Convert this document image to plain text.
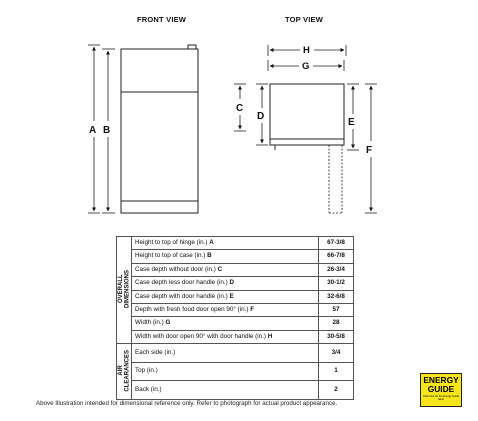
FRONT VIEW	TOP VIEW
A B
H
G
C
D
E
F
OVERALL
DIMENSIONS	Height to top of hinge (in.) A	67-3/8
	Height to top of case (in.) B	66-7/8
	Case depth without door (in.) C	26-3/4
	Case depth less door handle (in.) D	30-1/2
	Case depth with door handle (in.) E	32-6/8
	Depth with fresh food door open 90° (in.) F	57
	Width (in.) G	28
	Width with door open 90° with door handle (in.) H	30-5/8
AIR
CLEARANCES	Each side (in.)	3/4
	Top (in.)	1
	Back (in.)	2
Above Illustration intended for dimensional reference only. Refer to photograph for actual product appearance.
ENERGY
GUIDE
Click here for the Energy Guide label
